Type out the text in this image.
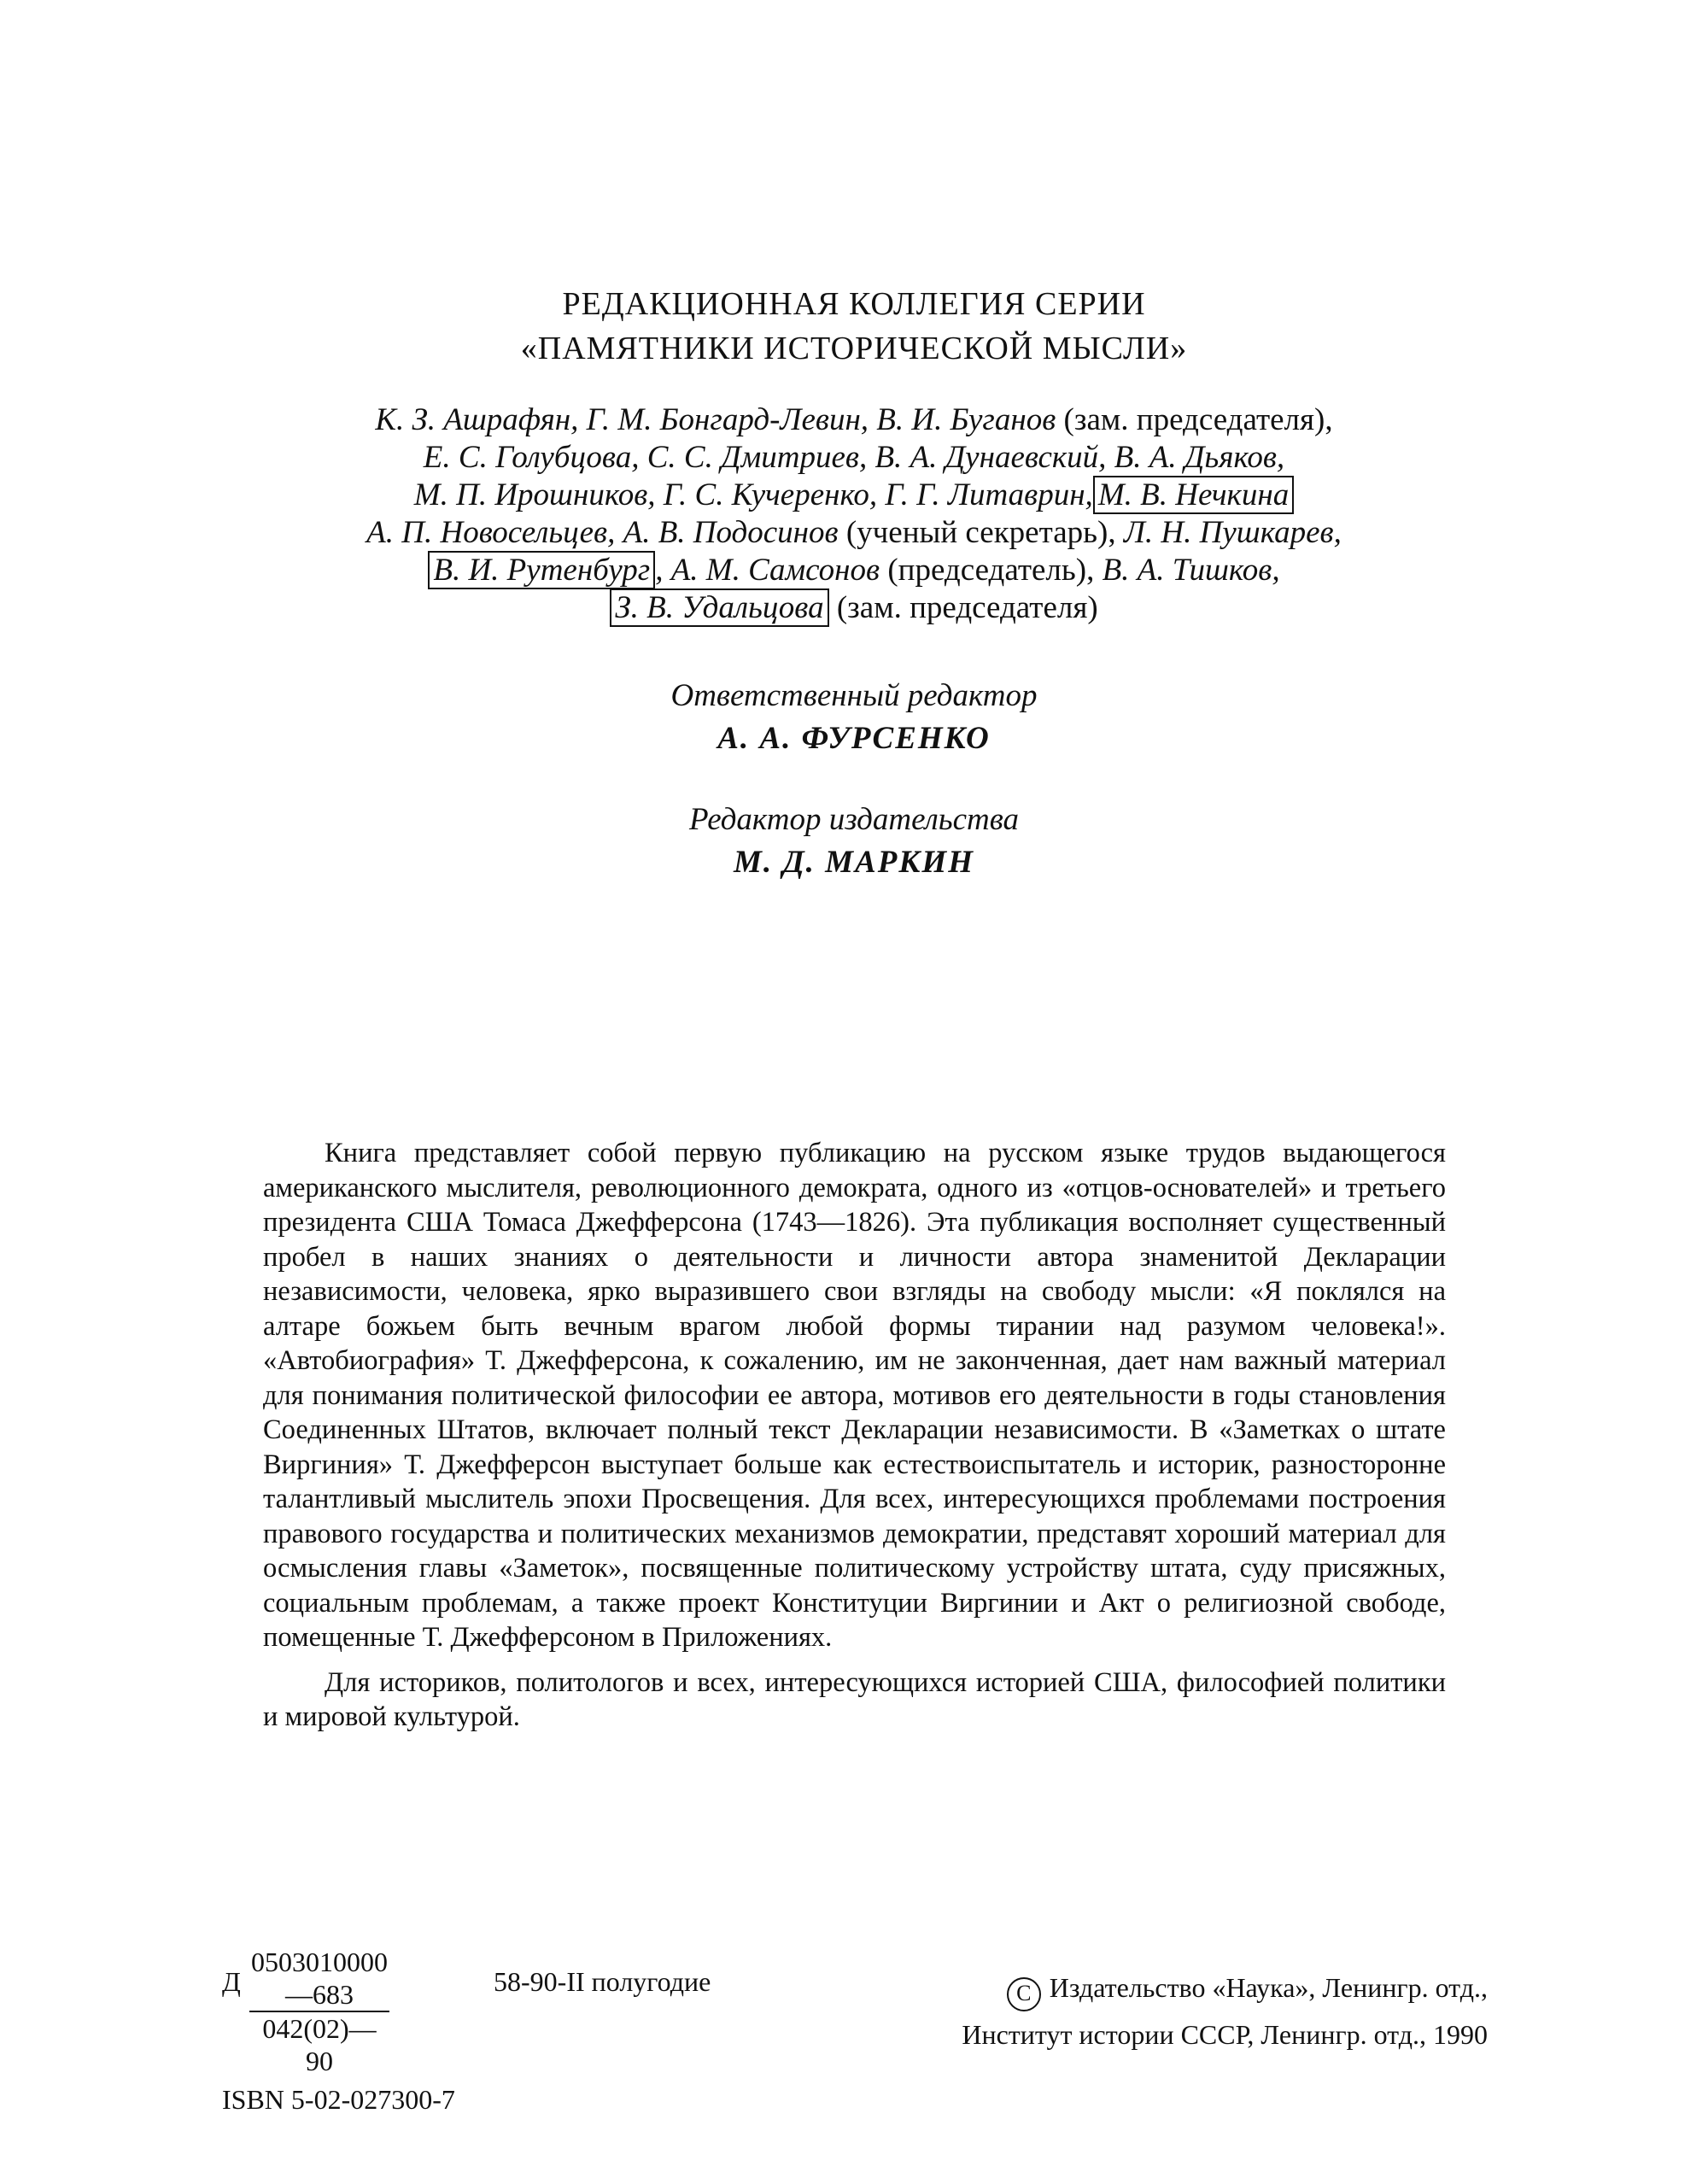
РЕДАКЦИОННАЯ КОЛЛЕГИЯ СЕРИИ
«ПАМЯТНИКИ ИСТОРИЧЕСКОЙ МЫСЛИ»
К. З. Ашрафян, Г. М. Бонгард-Левин, В. И. Буганов (зам. председателя),
Е. С. Голубцова, С. С. Дмитриев, В. А. Дунаевский, В. А. Дьяков,
М. П. Ирошников, Г. С. Кучеренко, Г. Г. Литаврин, М. В. Нечкина
А. П. Новосельцев, А. В. Подосинов (ученый секретарь), Л. Н. Пушкарев,
В. И. Рутенбург , А. М. Самсонов (председатель), В. А. Тишков,
З. В. Удальцова (зам. председателя)
Ответственный редактор
А. А. ФУРСЕНКО
Редактор издательства
М. Д. МАРКИН

Книга представляет собой первую публикацию на русском языке трудов выдающегося американского мыслителя, революционного демократа, одного из «отцов-основателей» и третьего президента США Томаса Джефферсона (1743—1826). Эта публикация восполняет существенный пробел в наших знаниях о деятельности и личности автора знаменитой Декларации независимости, человека, ярко выразившего свои взгляды на свободу мысли: «Я поклялся на алтаре божьем быть вечным врагом любой формы тирании над разумом человека!». «Автобиография» Т. Джефферсона, к сожалению, им не законченная, дает нам важный материал для понимания политической философии ее автора, мотивов его деятельности в годы становления Соединенных Штатов, включает полный текст Декларации независимости. В «Заметках о штате Виргиния» Т. Джефферсон выступает больше как естествоиспытатель и историк, разносторонне талантливый мыслитель эпохи Просвещения. Для всех, интересующихся проблемами построения правового государства и политических механизмов демократии, представят хороший материал для осмысления главы «Заметок», посвященные политическому устройству штата, суду присяжных, социальным проблемам, а также проект Конституции Виргинии и Акт о религиозной свободе, помещенные Т. Джефферсоном в Приложениях.

Для историков, политологов и всех, интересующихся историей США, философией политики и мировой культурой.

Д $\frac{0503010000—683}{042(02)—90}$	58-90-II полугодие	C Издательство «Наука», Ленингр. отд.,
Институт истории СССР, Ленингр. отд., 1990
ISBN 5-02-027300-7
